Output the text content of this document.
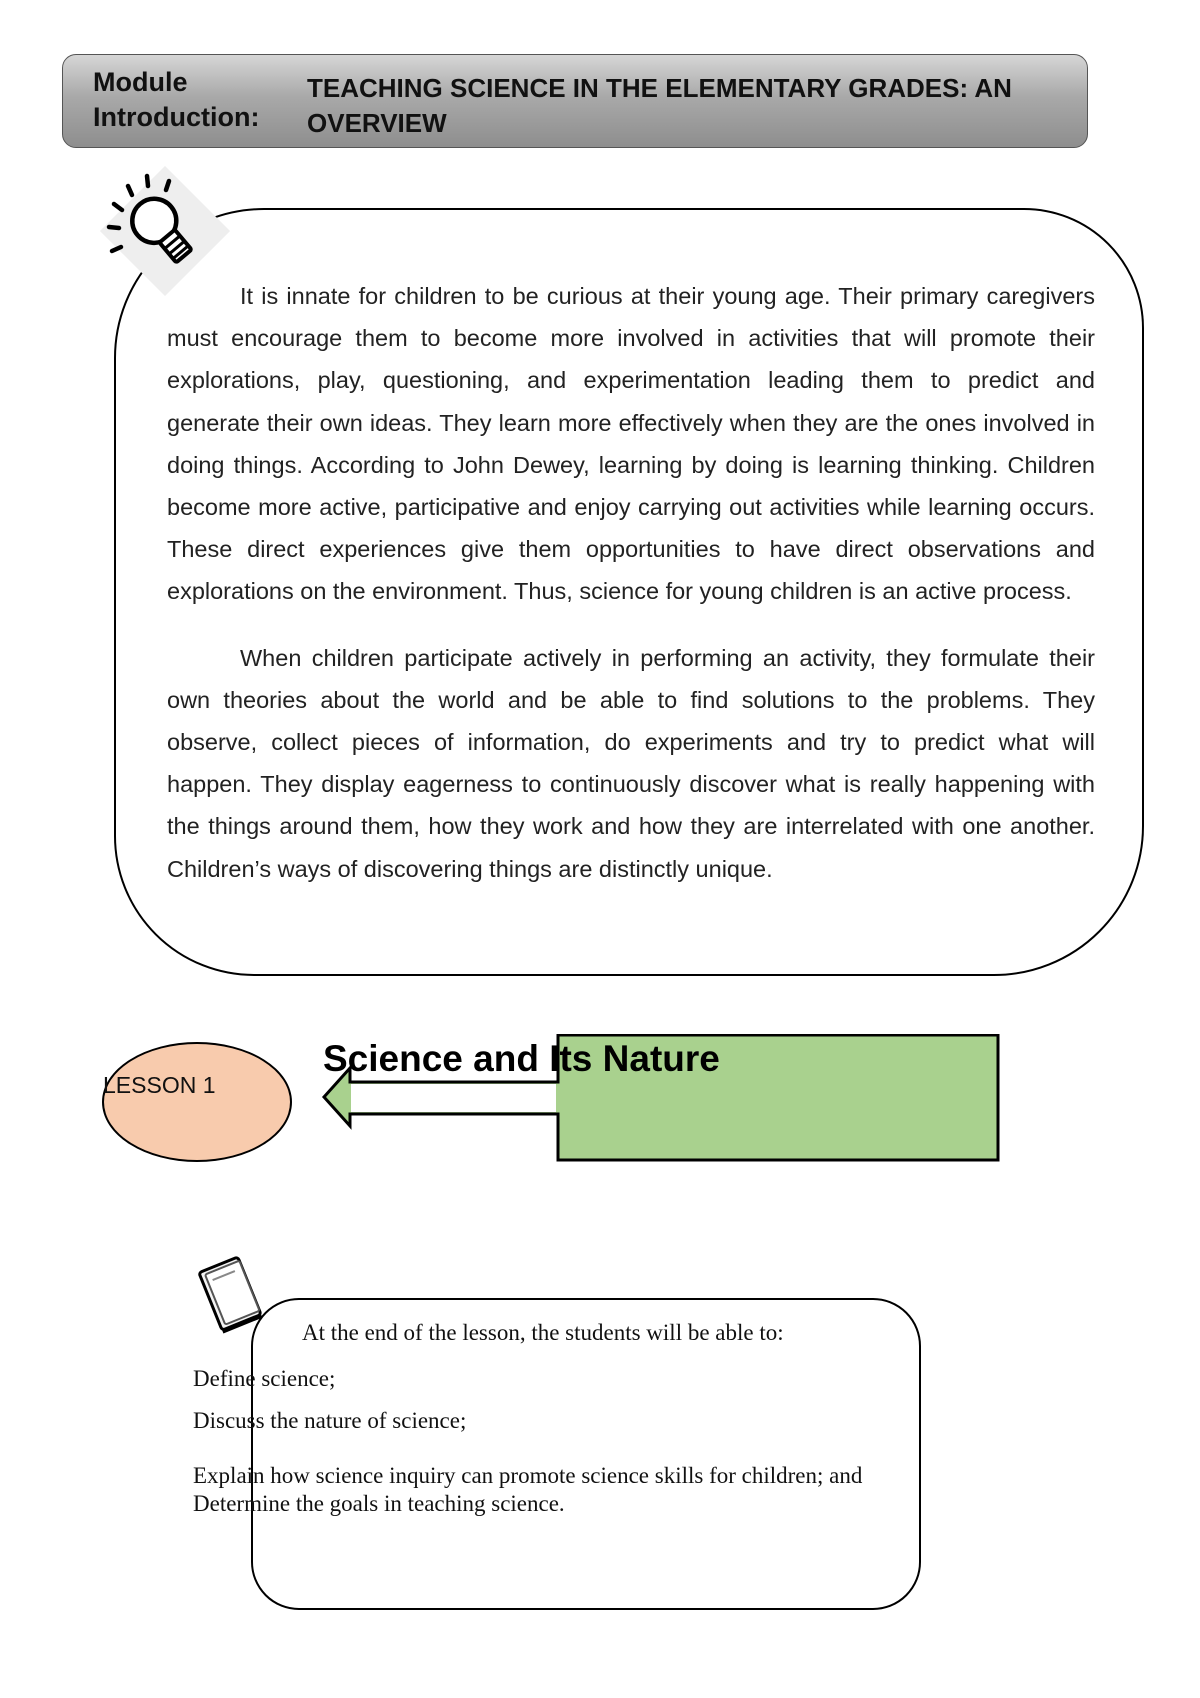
Module Introduction:
TEACHING SCIENCE IN THE ELEMENTARY GRADES: AN OVERVIEW

It is innate for children to be curious at their young age. Their primary caregivers must encourage them to become more involved in activities that will promote their explorations, play, questioning, and experimentation leading them to predict and generate their own ideas. They learn more effectively when they are the ones involved in doing things. According to John Dewey, learning by doing is learning thinking. Children become more active, participative and enjoy carrying out activities while learning occurs. These direct experiences give them opportunities to have direct observations and explorations on the environment. Thus, science for young children is an active process.

When children participate actively in performing an activity, they formulate their own theories about the world and be able to find solutions to the problems. They observe, collect pieces of information, do experiments and try to predict what will happen. They display eagerness to continuously discover what is really happening with the things around them, how they work and how they are interrelated with one another. Children’s ways of discovering things are distinctly unique.

LESSON 1
Science and Its Nature
At the end of the lesson, the students will be able to:
Define science;
Discuss the nature of science;
Explain how science inquiry can promote science skills for children; and
Determine the goals in teaching science.
